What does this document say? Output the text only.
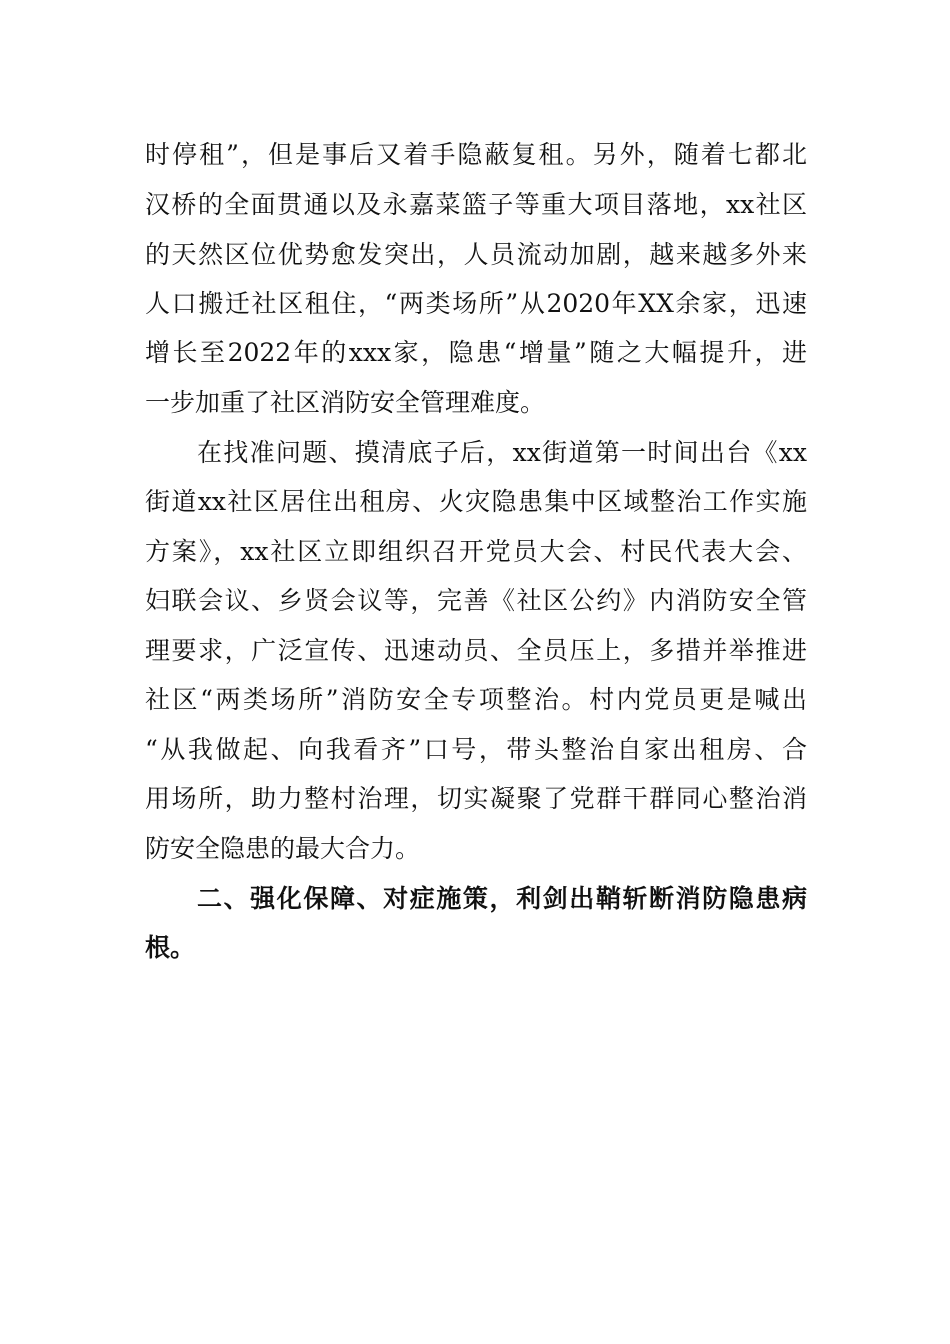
时停租”，但是事后又着手隐蔽复租。另外，随着七都北

汉桥的全面贯通以及永嘉菜篮子等重大项目落地，xx社区

的天然区位优势愈发突出，人员流动加剧，越来越多外来

人口搬迁社区租住，“两类场所”从2020年XX余家，迅速

增长至2022年的xxx家，隐患“增量”随之大幅提升，进

一步加重了社区消防安全管理难度。

在找准问题、摸清底子后，xx街道第一时间出台《xx

街道xx社区居住出租房、火灾隐患集中区域整治工作实施

方案》，xx社区立即组织召开党员大会、村民代表大会、

妇联会议、乡贤会议等，完善《社区公约》内消防安全管

理要求，广泛宣传、迅速动员、全员压上，多措并举推进

社区“两类场所”消防安全专项整治。村内党员更是喊出

“从我做起、向我看齐”口号，带头整治自家出租房、合

用场所，助力整村治理，切实凝聚了党群干群同心整治消

防安全隐患的最大合力。

二、强化保障、对症施策，利剑出鞘斩断消防隐患病

根。
